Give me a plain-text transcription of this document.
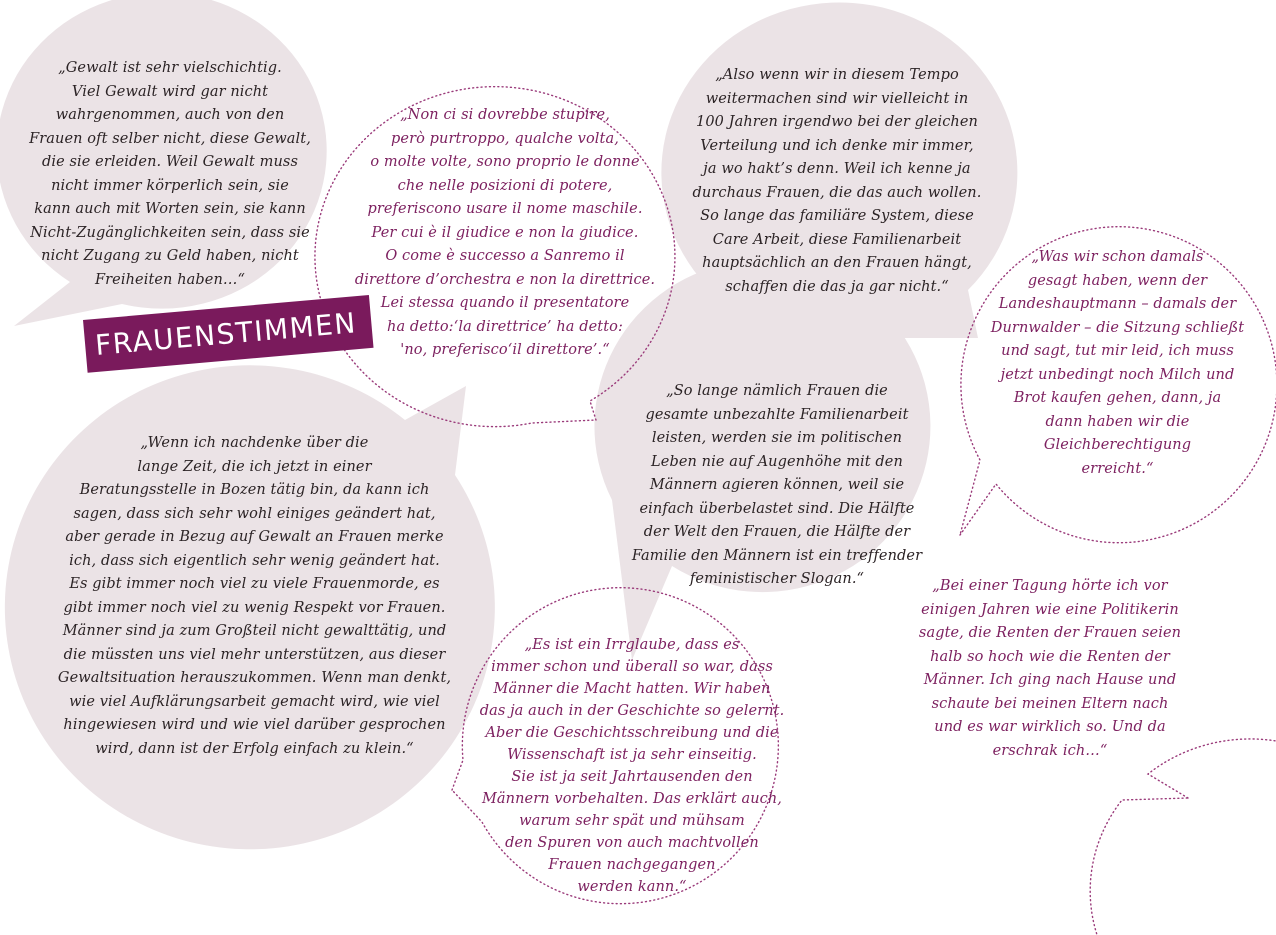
FRAUENSTIMMEN

„Gewalt ist sehr vielschichtig.
Viel Gewalt wird gar nicht
wahrgenommen, auch von den
Frauen oft selber nicht, diese Gewalt,
die sie erleiden. Weil Gewalt muss
nicht immer körperlich sein, sie
kann auch mit Worten sein, sie kann
Nicht-Zugänglichkeiten sein, dass sie
nicht Zugang zu Geld haben, nicht
Freiheiten haben…“

„Non ci si dovrebbe stupire,
però purtroppo, qualche volta,
o molte volte, sono proprio le donne
che nelle posizioni di potere,
preferiscono usare il nome maschile.
Per cui è il giudice e non la giudice.
O come è successo a Sanremo il
direttore d’orchestra e non la direttrice.
Lei stessa quando il presentatore
ha detto:‘la direttrice’ ha detto:
'no, preferisco‘il direttore’.“

„Also wenn wir in diesem Tempo
weitermachen sind wir vielleicht in
100 Jahren irgendwo bei der gleichen
Verteilung und ich denke mir immer,
ja wo hakt’s denn. Weil ich kenne ja
durchaus Frauen, die das auch wollen.
So lange das familiäre System, diese
Care Arbeit, diese Familienarbeit
hauptsächlich an den Frauen hängt,
schaffen die das ja gar nicht.“

„Was wir schon damals
gesagt haben, wenn der
Landeshauptmann – damals der
Durnwalder – die Sitzung schließt
und sagt, tut mir leid, ich muss
jetzt unbedingt noch Milch und
Brot kaufen gehen, dann, ja
dann haben wir die
Gleichberechtigung
erreicht.“

„So lange nämlich Frauen die
gesamte unbezahlte Familienarbeit
leisten, werden sie im politischen
Leben nie auf Augenhöhe mit den
Männern agieren können, weil sie
einfach überbelastet sind. Die Hälfte
der Welt den Frauen, die Hälfte der
Familie den Männern ist ein treffender
feministischer Slogan.“

„Wenn ich nachdenke über die
lange Zeit, die ich jetzt in einer
Beratungsstelle in Bozen tätig bin, da kann ich
sagen, dass sich sehr wohl einiges geändert hat,
aber gerade in Bezug auf Gewalt an Frauen merke
ich, dass sich eigentlich sehr wenig geändert hat.
Es gibt immer noch viel zu viele Frauenmorde, es
gibt immer noch viel zu wenig Respekt vor Frauen.
Männer sind ja zum Großteil nicht gewalttätig, und
die müssten uns viel mehr unterstützen, aus dieser
Gewaltsituation herauszukommen. Wenn man denkt,
wie viel Aufklärungsarbeit gemacht wird, wie viel
hingewiesen wird und wie viel darüber gesprochen
wird, dann ist der Erfolg einfach zu klein.“

„Es ist ein Irrglaube, dass es
immer schon und überall so war, dass
Männer die Macht hatten. Wir haben
das ja auch in der Geschichte so gelernt.
Aber die Geschichtsschreibung und die
Wissenschaft ist ja sehr einseitig.
Sie ist ja seit Jahrtausenden den
Männern vorbehalten. Das erklärt auch,
warum sehr spät und mühsam
den Spuren von auch machtvollen
Frauen nachgegangen
werden kann.“

„Bei einer Tagung hörte ich vor
einigen Jahren wie eine Politikerin
sagte, die Renten der Frauen seien
halb so hoch wie die Renten der
Männer. Ich ging nach Hause und
schaute bei meinen Eltern nach
und es war wirklich so. Und da
erschrak ich…“
